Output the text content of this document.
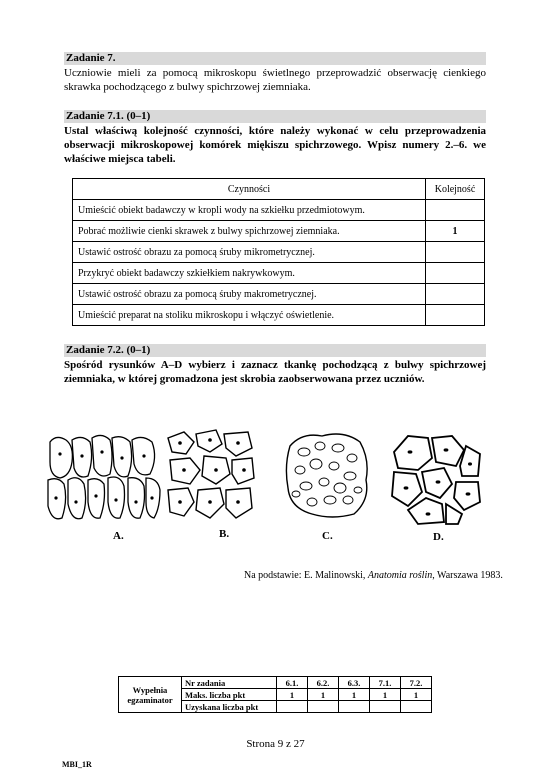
Zadanie 7.
Uczniowie mieli za pomocą mikroskopu świetlnego przeprowadzić obserwację cienkiego skrawka pochodzącego z bulwy spichrzowej ziemniaka.
Zadanie 7.1. (0–1)
Ustal właściwą kolejność czynności, które należy wykonać w celu przeprowadzenia obserwacji mikroskopowej komórek miękiszu spichrzowego. Wpisz numery 2.–6. we właściwe miejsca tabeli.
Czynności	Kolejność
Umieścić obiekt badawczy w kropli wody na szkiełku przedmiotowym.	
Pobrać możliwie cienki skrawek z bulwy spichrzowej ziemniaka.	1
Ustawić ostrość obrazu za pomocą śruby mikrometrycznej.	
Przykryć obiekt badawczy szkiełkiem nakrywkowym.	
Ustawić ostrość obrazu za pomocą śruby makrometrycznej.	
Umieścić preparat na stoliku mikroskopu i włączyć oświetlenie.	
Zadanie 7.2. (0–1)
Spośród rysunków A–D wybierz i zaznacz tkankę pochodzącą z bulwy spichrzowej ziemniaka, w której gromadzona jest skrobia zaobserwowana przez uczniów.
A.	B.	C.	D.
Na podstawie: E. Malinowski, Anatomia roślin, Warszawa 1983.
Wypełnia egzaminator	Nr zadania	6.1.	6.2.	6.3.	7.1.	7.2.
	Maks. liczba pkt	1	1	1	1	1
	Uzyskana liczba pkt					
Strona 9 z 27
MBI_1R
